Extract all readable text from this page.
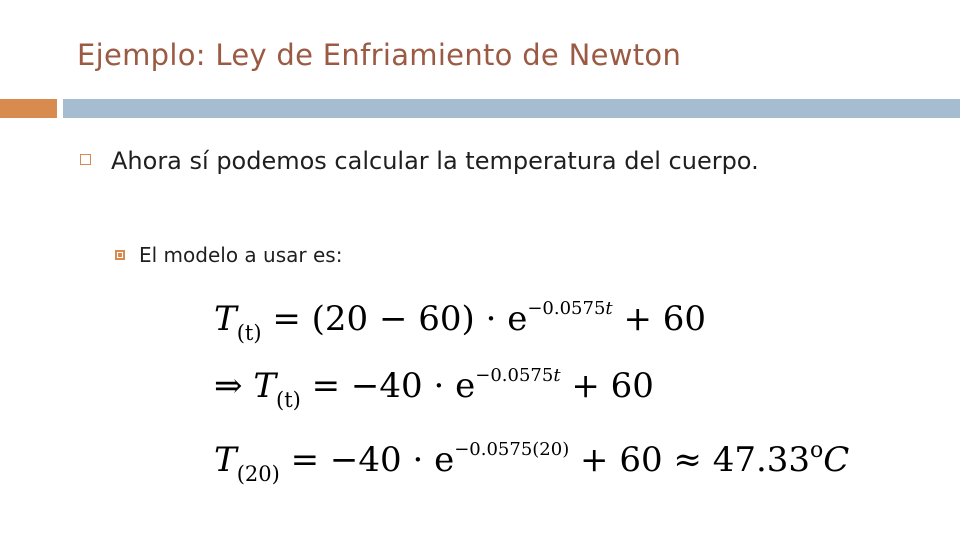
Ejemplo: Ley de Enfriamiento de Newton
Ahora sí podemos calcular la temperatura del cuerpo.
El modelo a usar es:
$T_{(t)} = (20 - 60) \cdot e^{-0.0575t} + 60$
⇒ $T_{(t)} = -40 \cdot e^{-0.0575t} + 60$
$T_{(20)} = -40 \cdot e^{-0.0575(20)} + 60 \approx 47.33^oC$
